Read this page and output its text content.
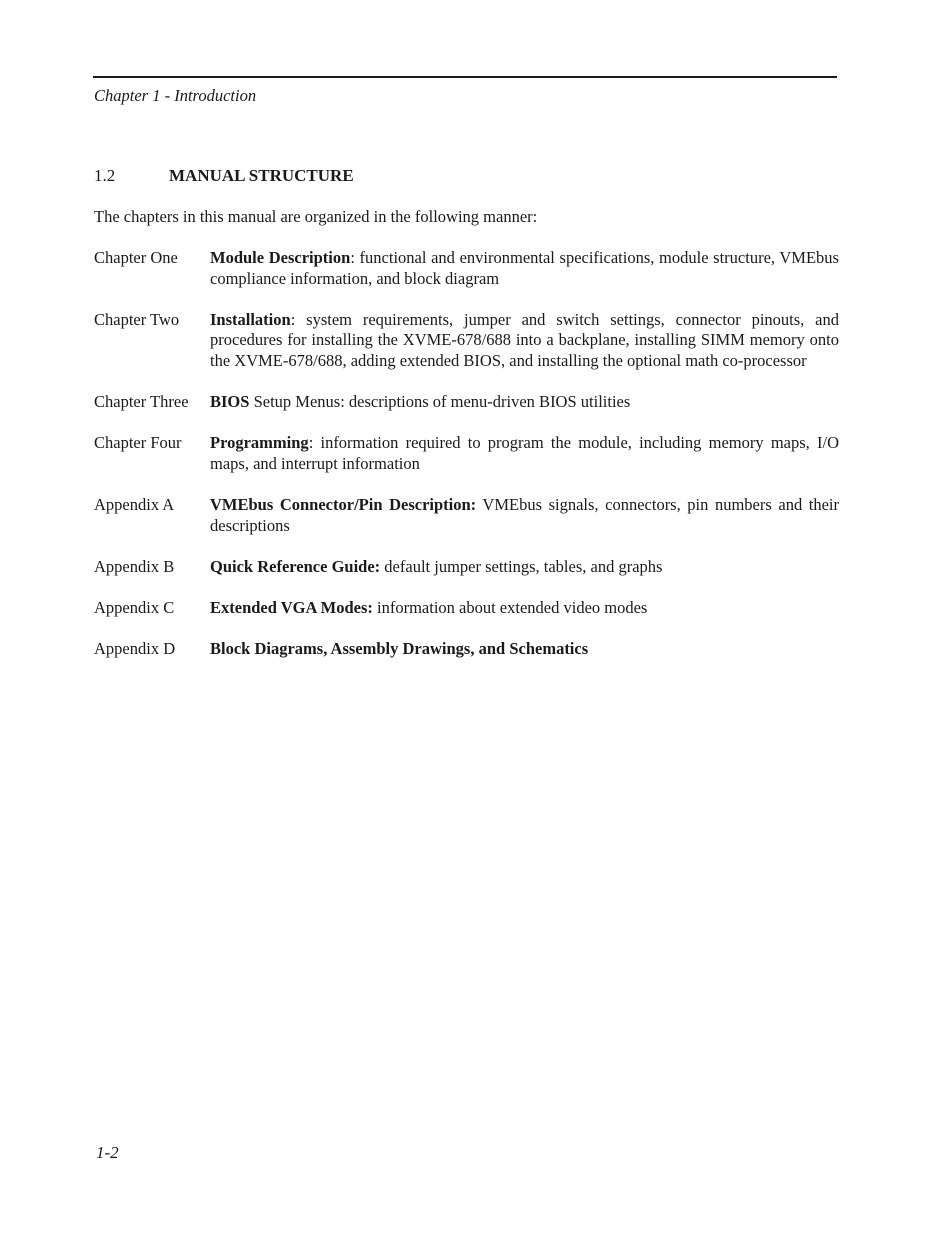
Chapter 1 - Introduction
1.2	MANUAL STRUCTURE
The chapters in this manual are organized in the following manner:
Chapter One	Module Description: functional and environmental specifications, module structure, VMEbus compliance information, and block diagram
Chapter Two	Installation: system requirements, jumper and switch settings, connector pinouts, and procedures for installing the XVME-678/688 into a backplane, installing SIMM memory onto the XVME-678/688, adding extended BIOS, and installing the optional math co-processor
Chapter Three	BIOS Setup Menus: descriptions of menu-driven BIOS utilities
Chapter Four	Programming: information required to program the module, including memory maps, I/O maps, and interrupt information
Appendix A	VMEbus Connector/Pin Description: VMEbus signals, connectors, pin numbers and their descriptions
Appendix B	Quick Reference Guide: default jumper settings, tables, and graphs
Appendix C	Extended VGA Modes: information about extended video modes
Appendix D	Block Diagrams, Assembly Drawings, and Schematics
1-2
